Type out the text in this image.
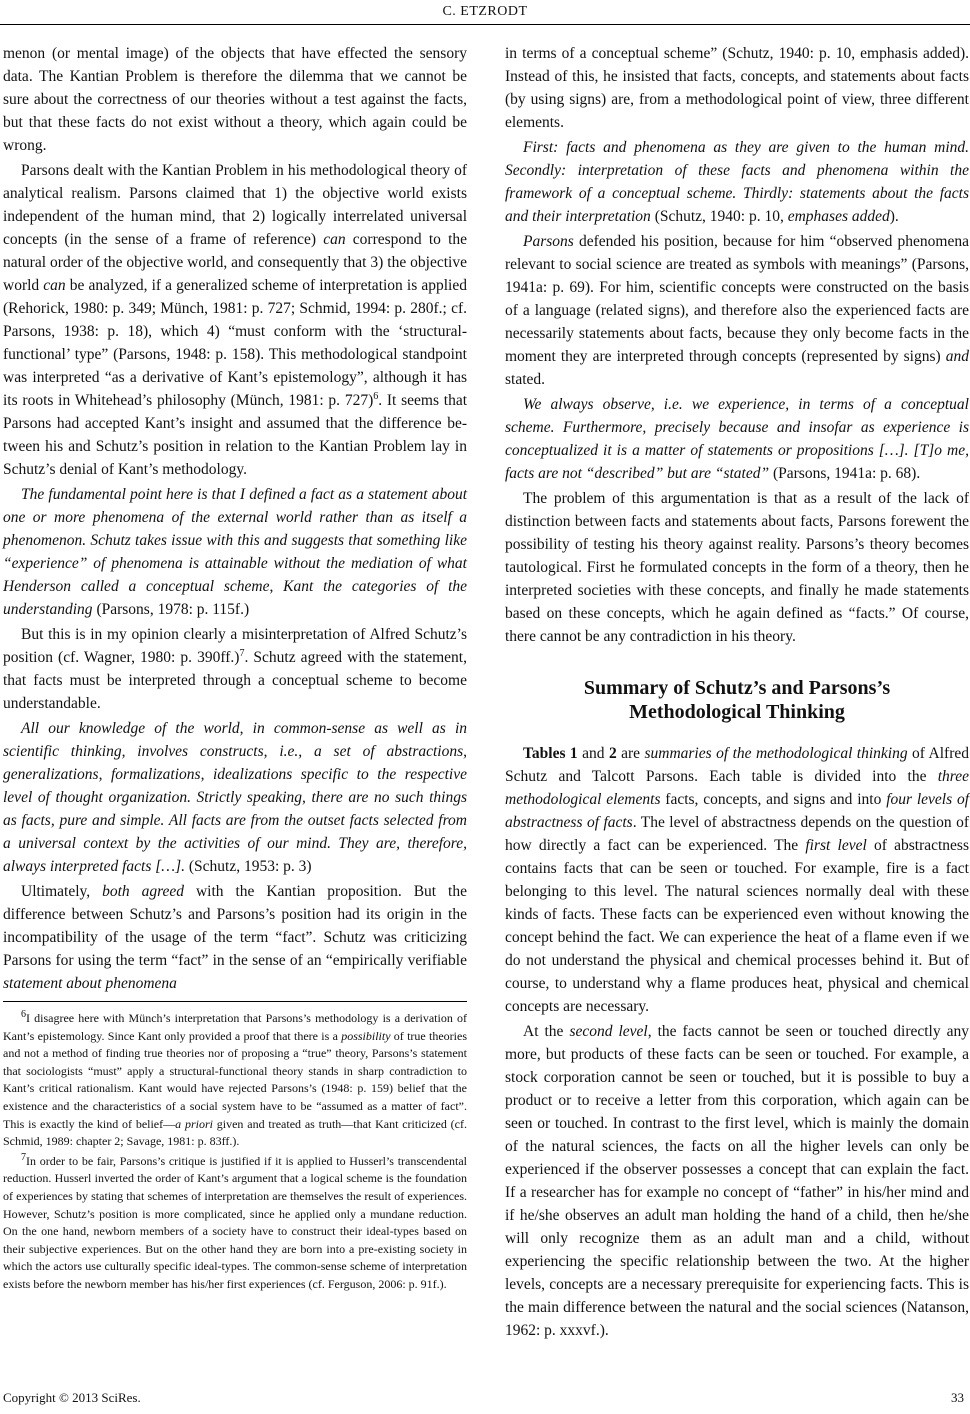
C. ETZRODT

menon (or mental image) of the objects that have effected the sensory data. The Kantian Problem is therefore the dilemma that we cannot be sure about the correctness of our theories without a test against the facts, but that these facts do not exist without a theory, which again could be wrong.

Parsons dealt with the Kantian Problem in his methodological theory of analytical realism. Parsons claimed that 1) the objective world exists independent of the human mind, that 2) logically interrelated universal concepts (in the sense of a frame of reference) can correspond to the natural order of the objective world, and consequently that 3) the objective world can be analyzed, if a generalized scheme of interpretation is applied (Rehorick, 1980: p. 349; Münch, 1981: p. 727; Schmid, 1994: p. 280f.; cf. Parsons, 1938: p. 18), which 4) “must conform with the ‘structural-functional’ type” (Parsons, 1948: p. 158). This methodological standpoint was interpreted “as a derivative of Kant’s epistemology”, although it has its roots in Whitehead’s philosophy (Münch, 1981: p. 727)$^6$. It seems that Parsons had accepted Kant’s insight and assumed that the difference between his and Schutz’s position in relation to the Kantian Problem lay in Schutz’s denial of Kant’s methodology.

The fundamental point here is that I defined a fact as a statement about one or more phenomena of the external world rather than as itself a phenomenon. Schutz takes issue with this and suggests that something like “experience” of phenomena is attainable without the mediation of what Henderson called a conceptual scheme, Kant the categories of the understanding (Parsons, 1978: p. 115f.)

But this is in my opinion clearly a misinterpretation of Alfred Schutz’s position (cf. Wagner, 1980: p. 390ff.)$^7$. Schutz agreed with the statement, that facts must be interpreted through a conceptual scheme to become understandable.

All our knowledge of the world, in common-sense as well as in scientific thinking, involves constructs, i.e., a set of abstractions, generalizations, formalizations, idealizations specific to the respective level of thought organization. Strictly speaking, there are no such things as facts, pure and simple. All facts are from the outset facts selected from a universal context by the activities of our mind. They are, therefore, always interpreted facts […]. (Schutz, 1953: p. 3)

Ultimately, both agreed with the Kantian proposition. But the difference between Schutz’s and Parsons’s position had its origin in the incompatibility of the usage of the term “fact”. Schutz was criticizing Parsons for using the term “fact” in the sense of an “empirically verifiable statement about phenomena

$^6$I disagree here with Münch’s interpretation that Parsons’s methodology is a derivation of Kant’s epistemology. Since Kant only provided a proof that there is a possibility of true theories and not a method of finding true theories nor of proposing a “true” theory, Parsons’s statement that sociologists “must” apply a structural-functional theory stands in sharp contradiction to Kant’s critical rationalism. Kant would have rejected Parsons’s (1948: p. 159) belief that the existence and the characteristics of a social system have to be “assumed as a matter of fact”. This is exactly the kind of belief—a priori given and treated as truth—that Kant criticized (cf. Schmid, 1989: chapter 2; Savage, 1981: p. 83ff.).

$^7$In order to be fair, Parsons’s critique is justified if it is applied to Husserl’s transcendental reduction. Husserl inverted the order of Kant’s argument that a logical scheme is the foundation of experiences by stating that schemes of interpretation are themselves the result of experiences. However, Schutz’s position is more complicated, since he applied only a mundane reduction. On the one hand, newborn members of a society have to construct their ideal-types based on their subjective experiences. But on the other hand they are born into a pre-existing society in which the actors use culturally specific ideal-types. The common-sense scheme of interpretation exists before the newborn member has his/her first experiences (cf. Ferguson, 2006: p. 91f.).

in terms of a conceptual scheme” (Schutz, 1940: p. 10, emphasis added). Instead of this, he insisted that facts, concepts, and statements about facts (by using signs) are, from a methodological point of view, three different elements.

First: facts and phenomena as they are given to the human mind. Secondly: interpretation of these facts and phenomena within the framework of a conceptual scheme. Thirdly: statements about the facts and their interpretation (Schutz, 1940: p. 10, emphases added).

Parsons defended his position, because for him “observed phenomena relevant to social science are treated as symbols with meanings” (Parsons, 1941a: p. 69). For him, scientific concepts were constructed on the basis of a language (related signs), and therefore also the experienced facts are necessarily statements about facts, because they only become facts in the moment they are interpreted through concepts (represented by signs) and stated.

We always observe, i.e. we experience, in terms of a conceptual scheme. Furthermore, precisely because and insofar as experience is conceptualized it is a matter of statements or propositions […]. [T]o me, facts are not “described” but are “stated” (Parsons, 1941a: p. 68).

The problem of this argumentation is that as a result of the lack of distinction between facts and statements about facts, Parsons forewent the possibility of testing his theory against reality. Parsons’s theory becomes tautological. First he formulated concepts in the form of a theory, then he interpreted societies with these concepts, and finally he made statements based on these concepts, which he again defined as “facts.” Of course, there cannot be any contradiction in his theory.

Summary of Schutz’s and Parsons’s
Methodological Thinking

Tables 1 and 2 are summaries of the methodological thinking of Alfred Schutz and Talcott Parsons. Each table is divided into the three methodological elements facts, concepts, and signs and into four levels of abstractness of facts. The level of abstractness depends on the question of how directly a fact can be experienced. The first level of abstractness contains facts that can be seen or touched. For example, fire is a fact belonging to this level. The natural sciences normally deal with these kinds of facts. These facts can be experienced even without knowing the concept behind the fact. We can experience the heat of a flame even if we do not understand the physical and chemical processes behind it. But of course, to understand why a flame produces heat, physical and chemical concepts are necessary.

At the second level, the facts cannot be seen or touched directly any more, but products of these facts can be seen or touched. For example, a stock corporation cannot be seen or touched, but it is possible to buy a product or to receive a letter from this corporation, which again can be seen or touched. In contrast to the first level, which is mainly the domain of the natural sciences, the facts on all the higher levels can only be experienced if the observer possesses a concept that can explain the fact. If a researcher has for example no concept of “father” in his/her mind and if he/she observes an adult man holding the hand of a child, then he/she will only recognize them as an adult man and a child, without experiencing the specific relationship between the two. At the higher levels, concepts are a necessary prerequisite for experiencing facts. This is the main difference between the natural and the social sciences (Natanson, 1962: p. xxxvf.).

Copyright © 2013 SciRes.	33
